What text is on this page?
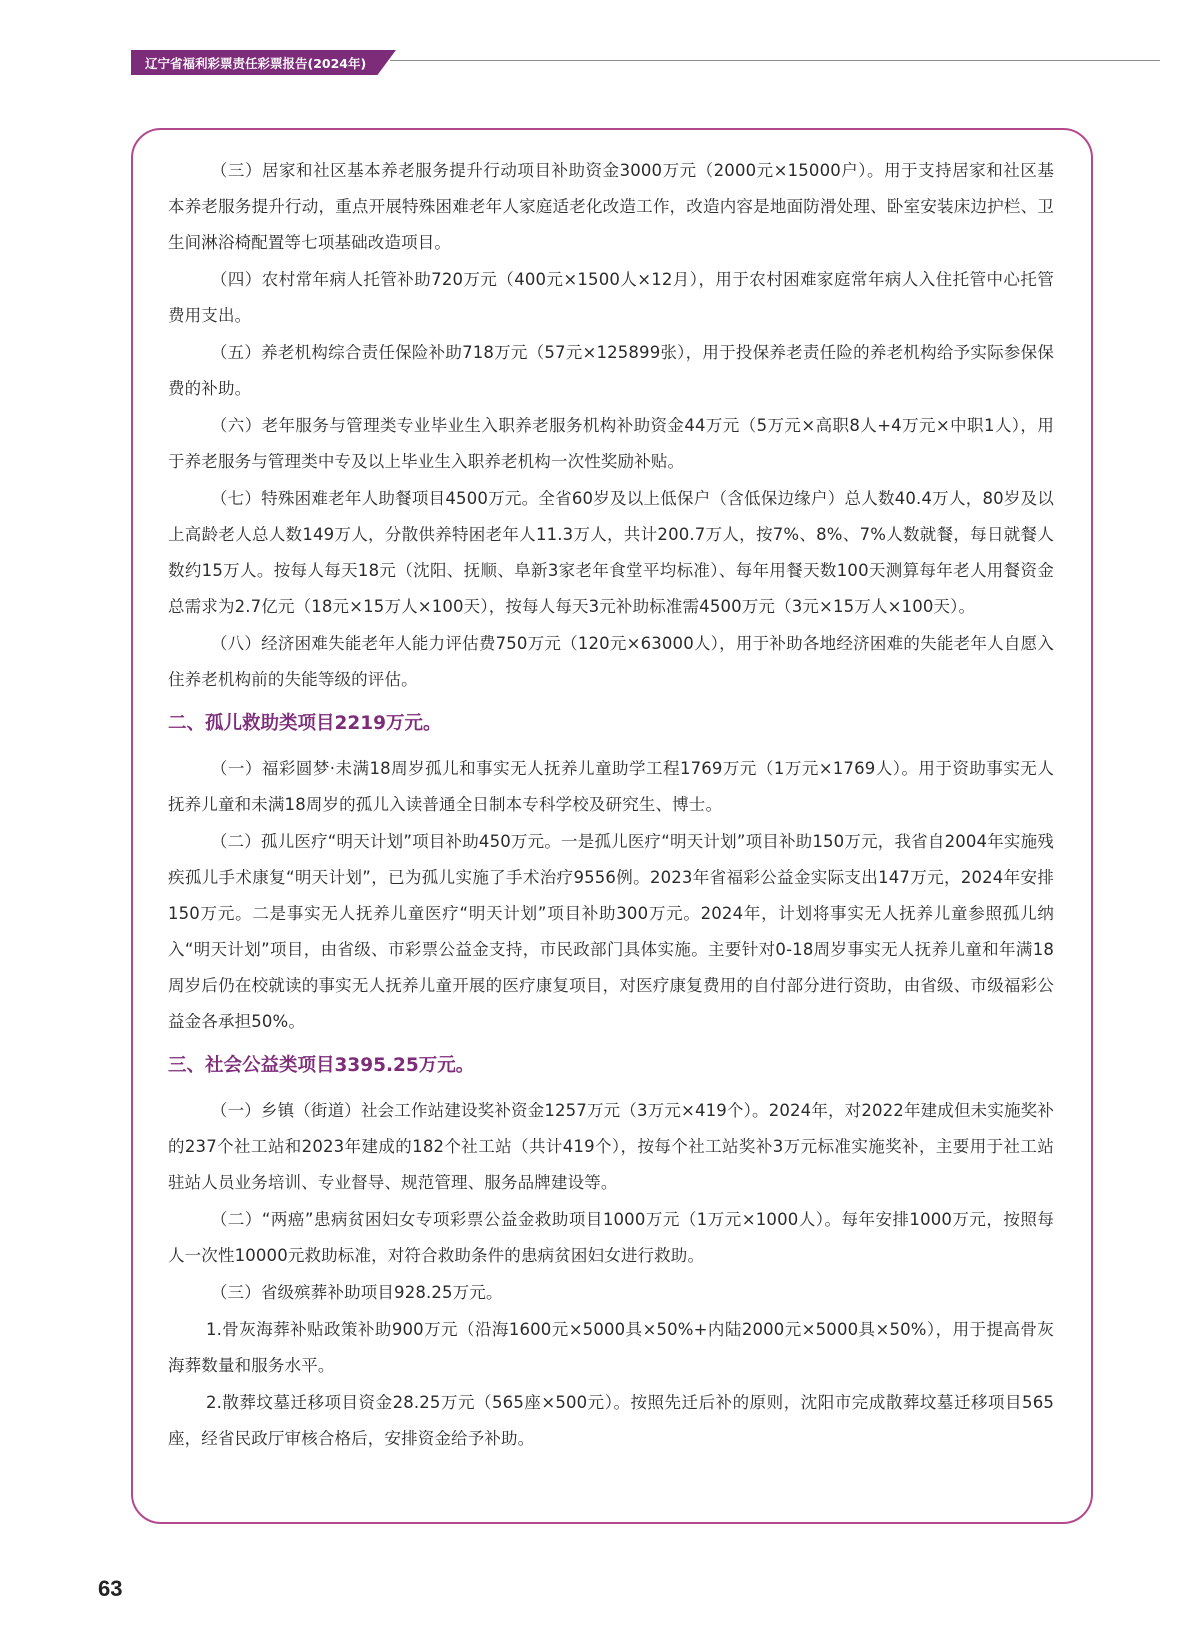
辽宁省福利彩票责任彩票报告(2024年)

（三）居家和社区基本养老服务提升行动项目补助资金3000万元（2000元×15000户）。用于支持居家和社区基本养老服务提升行动，重点开展特殊困难老年人家庭适老化改造工作，改造内容是地面防滑处理、卧室安装床边护栏、卫生间淋浴椅配置等七项基础改造项目。

（四）农村常年病人托管补助720万元（400元×1500人×12月），用于农村困难家庭常年病人入住托管中心托管费用支出。

（五）养老机构综合责任保险补助718万元（57元×125899张），用于投保养老责任险的养老机构给予实际参保保费的补助。

（六）老年服务与管理类专业毕业生入职养老服务机构补助资金44万元（5万元×高职8人+4万元×中职1人），用于养老服务与管理类中专及以上毕业生入职养老机构一次性奖励补贴。

（七）特殊困难老年人助餐项目4500万元。全省60岁及以上低保户（含低保边缘户）总人数40.4万人，80岁及以上高龄老人总人数149万人，分散供养特困老年人11.3万人，共计200.7万人，按7%、8%、7%人数就餐，每日就餐人数约15万人。按每人每天18元（沈阳、抚顺、阜新3家老年食堂平均标准）、每年用餐天数100天测算每年老人用餐资金总需求为2.7亿元（18元×15万人×100天），按每人每天3元补助标准需4500万元（3元×15万人×100天）。

（八）经济困难失能老年人能力评估费750万元（120元×63000人），用于补助各地经济困难的失能老年人自愿入住养老机构前的失能等级的评估。

二、孤儿救助类项目2219万元。

（一）福彩圆梦·未满18周岁孤儿和事实无人抚养儿童助学工程1769万元（1万元×1769人）。用于资助事实无人抚养儿童和未满18周岁的孤儿入读普通全日制本专科学校及研究生、博士。

（二）孤儿医疗“明天计划”项目补助450万元。一是孤儿医疗“明天计划”项目补助150万元，我省自2004年实施残疾孤儿手术康复“明天计划”，已为孤儿实施了手术治疗9556例。2023年省福彩公益金实际支出147万元，2024年安排150万元。二是事实无人抚养儿童医疗“明天计划”项目补助300万元。2024年，计划将事实无人抚养儿童参照孤儿纳入“明天计划”项目，由省级、市彩票公益金支持，市民政部门具体实施。主要针对0-18周岁事实无人抚养儿童和年满18周岁后仍在校就读的事实无人抚养儿童开展的医疗康复项目，对医疗康复费用的自付部分进行资助，由省级、市级福彩公益金各承担50%。

三、社会公益类项目3395.25万元。

（一）乡镇（街道）社会工作站建设奖补资金1257万元（3万元×419个）。2024年，对2022年建成但未实施奖补的237个社工站和2023年建成的182个社工站（共计419个），按每个社工站奖补3万元标准实施奖补，主要用于社工站驻站人员业务培训、专业督导、规范管理、服务品牌建设等。

（二）“两癌”患病贫困妇女专项彩票公益金救助项目1000万元（1万元×1000人）。每年安排1000万元，按照每人一次性10000元救助标准，对符合救助条件的患病贫困妇女进行救助。

（三）省级殡葬补助项目928.25万元。

1.骨灰海葬补贴政策补助900万元（沿海1600元×5000具×50%+内陆2000元×5000具×50%），用于提高骨灰海葬数量和服务水平。

2.散葬坟墓迁移项目资金28.25万元（565座×500元）。按照先迁后补的原则，沈阳市完成散葬坟墓迁移项目565座，经省民政厅审核合格后，安排资金给予补助。

63
